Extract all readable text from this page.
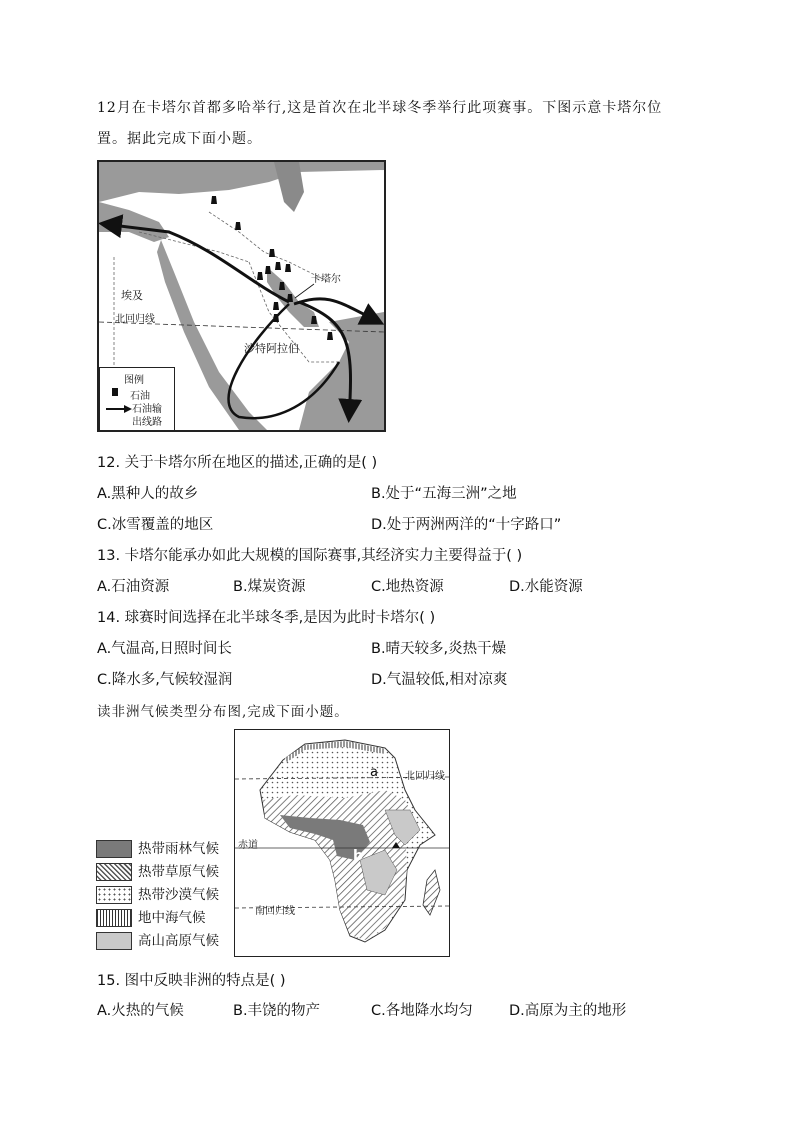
12月在卡塔尔首都多哈举行,这是首次在北半球冬季举行此项赛事。下图示意卡塔尔位
置。据此完成下面小题。
卡塔尔
埃及
北回归线
沙特阿拉伯
图例
石油
石油输
出线路
12. 关于卡塔尔所在地区的描述,正确的是( )
A.黑种人的故乡	B.处于“五海三洲”之地
C.冰雪覆盖的地区	D.处于两洲两洋的“十字路口”
13. 卡塔尔能承办如此大规模的国际赛事,其经济实力主要得益于( )
A.石油资源	B.煤炭资源	C.地热资源	D.水能资源
14. 球赛时间选择在北半球冬季,是因为此时卡塔尔( )
A.气温高,日照时间长	B.晴天较多,炎热干燥
C.降水多,气候较湿润	D.气温较低,相对凉爽
读非洲气候类型分布图,完成下面小题。
北回归线
赤道
南回归线
a
b
热带雨林气候
热带草原气候
热带沙漠气候
地中海气候
高山高原气候
15. 图中反映非洲的特点是( )
A.火热的气候	B.丰饶的物产	C.各地降水均匀	D.高原为主的地形
